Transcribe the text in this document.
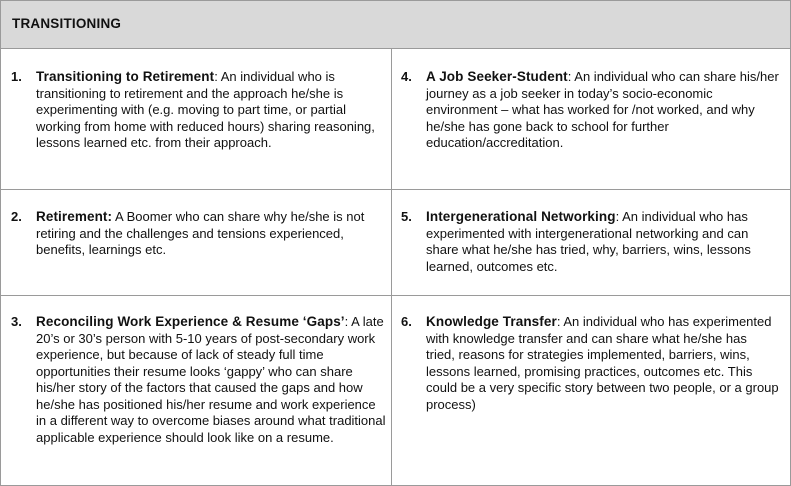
TRANSITIONING
1. Transitioning to Retirement: An individual who is transitioning to retirement and the approach he/she is experimenting with (e.g. moving to part time, or partial working from home with reduced hours) sharing reasoning, lessons learned etc. from their approach.
4. A Job Seeker-Student: An individual who can share his/her journey as a job seeker in today’s socio-economic environment – what has worked for /not worked, and why he/she has gone back to school for further education/accreditation.
2. Retirement: A Boomer who can share why he/she is not retiring and the challenges and tensions experienced, benefits, learnings etc.
5. Intergenerational Networking: An individual who has experimented with intergenerational networking and can share what he/she has tried, why, barriers, wins, lessons learned, outcomes etc.
3. Reconciling Work Experience & Resume ‘Gaps’: A late 20’s or 30’s person with 5-10 years of post-secondary work experience, but because of lack of steady full time opportunities their resume looks ‘gappy’ who can share his/her story of the factors that caused the gaps and how he/she has positioned his/her resume and work experience in a different way to overcome biases around what traditional applicable experience should look like on a resume.
6. Knowledge Transfer: An individual who has experimented with knowledge transfer and can share what he/she has tried, reasons for strategies implemented, barriers, wins, lessons learned, promising practices, outcomes etc. This could be a very specific story between two people, or a group process)
